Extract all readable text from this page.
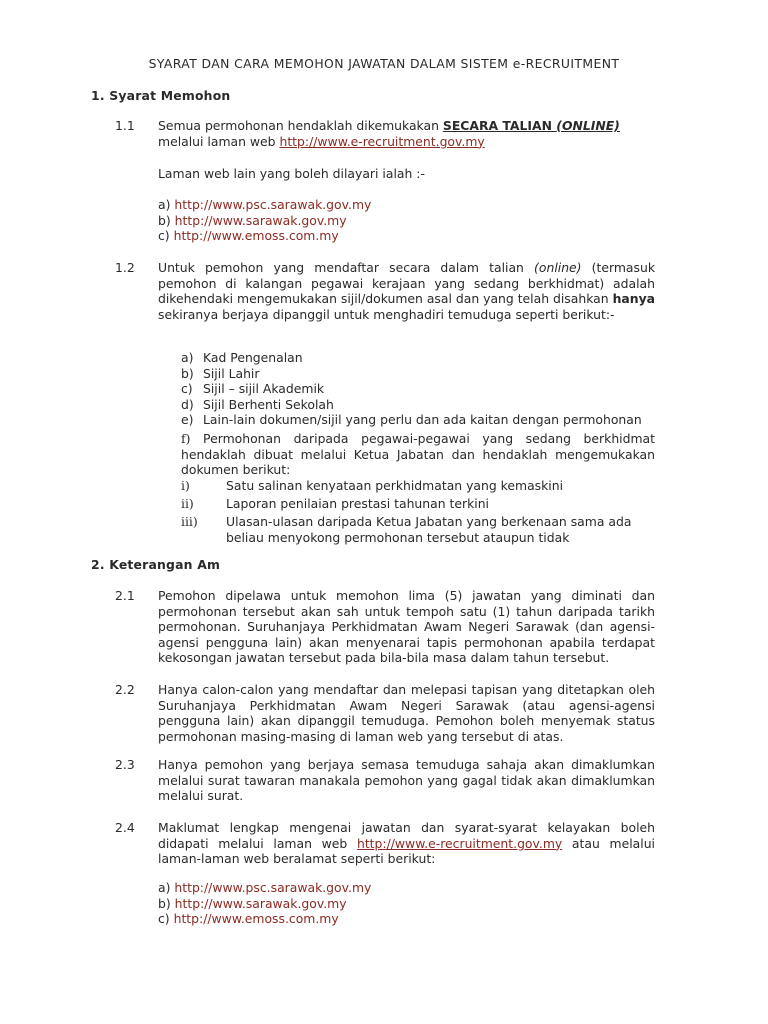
SYARAT DAN CARA MEMOHON JAWATAN DALAM SISTEM e-RECRUITMENT
1. Syarat Memohon
1.1 Semua permohonan hendaklah dikemukakan SECARA TALIAN (ONLINE)
melalui laman web http://www.e-recruitment.gov.my
Laman web lain yang boleh dilayari ialah :-
a) http://www.psc.sarawak.gov.my
b) http://www.sarawak.gov.my
c) http://www.emoss.com.my
1.2 Untuk pemohon yang mendaftar secara dalam talian (online) (termasuk pemohon di kalangan pegawai kerajaan yang sedang berkhidmat) adalah dikehendaki mengemukakan sijil/dokumen asal dan yang telah disahkan hanya sekiranya berjaya dipanggil untuk menghadiri temuduga seperti berikut:-
a) Kad Pengenalan
b) Sijil Lahir
c) Sijil – sijil Akademik
d) Sijil Berhenti Sekolah
e) Lain-lain dokumen/sijil yang perlu dan ada kaitan dengan permohonan
f) Permohonan daripada pegawai-pegawai yang sedang berkhidmat hendaklah dibuat melalui Ketua Jabatan dan hendaklah mengemukakan dokumen berikut:
i)	Satu salinan kenyataan perkhidmatan yang kemaskini
ii)	Laporan penilaian prestasi tahunan terkini
iii) Ulasan-ulasan daripada Ketua Jabatan yang berkenaan sama ada beliau menyokong permohonan tersebut ataupun tidak
2. Keterangan Am
2.1 Pemohon dipelawa untuk memohon lima (5) jawatan yang diminati dan permohonan tersebut akan sah untuk tempoh satu (1) tahun daripada tarikh permohonan. Suruhanjaya Perkhidmatan Awam Negeri Sarawak (dan agensi-agensi pengguna lain) akan menyenarai tapis permohonan apabila terdapat kekosongan jawatan tersebut pada bila-bila masa dalam tahun tersebut.
2.2 Hanya calon-calon yang mendaftar dan melepasi tapisan yang ditetapkan oleh Suruhanjaya Perkhidmatan Awam Negeri Sarawak (atau agensi-agensi pengguna lain) akan dipanggil temuduga. Pemohon boleh menyemak status permohonan masing-masing di laman web yang tersebut di atas.
2.3 Hanya pemohon yang berjaya semasa temuduga sahaja akan dimaklumkan melalui surat tawaran manakala pemohon yang gagal tidak akan dimaklumkan melalui surat.
2.4 Maklumat lengkap mengenai jawatan dan syarat-syarat kelayakan boleh didapati melalui laman web http://www.e-recruitment.gov.my atau melalui laman-laman web beralamat seperti berikut:
a) http://www.psc.sarawak.gov.my
b) http://www.sarawak.gov.my
c) http://www.emoss.com.my
